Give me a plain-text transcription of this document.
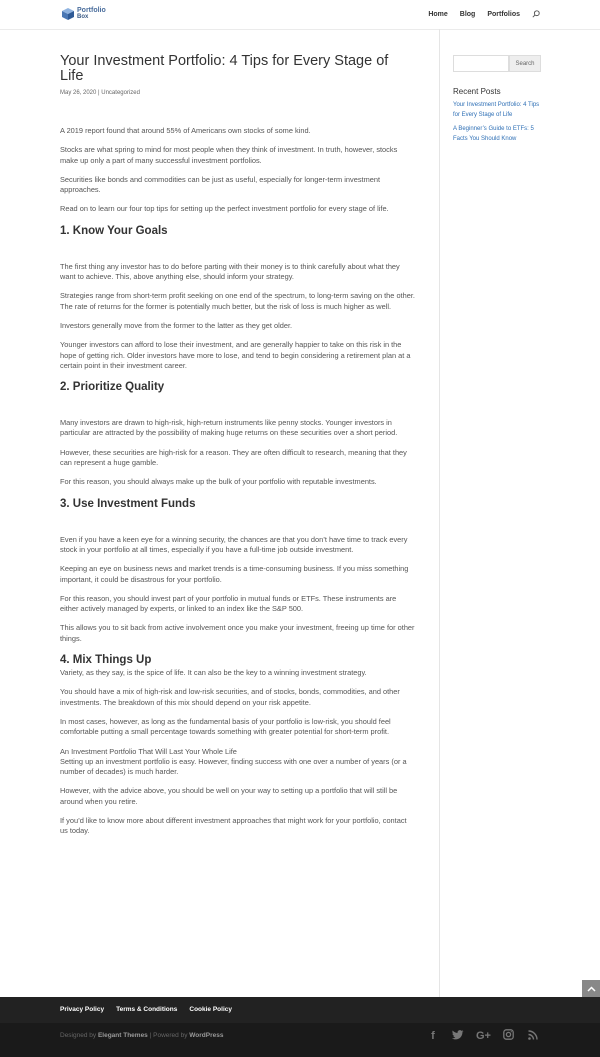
Portfolio
Box	Home Blog Portfolios
Your Investment Portfolio: 4 Tips for Every Stage of Life
May 26, 2020 | Uncategorized

A 2019 report found that around 55% of Americans own stocks of some kind.

Stocks are what spring to mind for most people when they think of investment. In truth, however, stocks make up only a part of many successful investment portfolios.

Securities like bonds and commodities can be just as useful, especially for longer-term investment approaches.

Read on to learn our four top tips for setting up the perfect investment portfolio for every stage of life.

1. Know Your Goals

The first thing any investor has to do before parting with their money is to think carefully about what they want to achieve. This, above anything else, should inform your strategy.

Strategies range from short-term profit seeking on one end of the spectrum, to long-term saving on the other. The rate of returns for the former is potentially much better, but the risk of loss is much higher as well.

Investors generally move from the former to the latter as they get older.

Younger investors can afford to lose their investment, and are generally happier to take on this risk in the hope of getting rich. Older investors have more to lose, and tend to begin considering a retirement plan at a certain point in their investment career.

2. Prioritize Quality

Many investors are drawn to high-risk, high-return instruments like penny stocks. Younger investors in particular are attracted by the possibility of making huge returns on these securities over a short period.

However, these securities are high-risk for a reason. They are often difficult to research, meaning that they can represent a huge gamble.

For this reason, you should always make up the bulk of your portfolio with reputable investments.

3. Use Investment Funds

Even if you have a keen eye for a winning security, the chances are that you don’t have time to track every stock in your portfolio at all times, especially if you have a full-time job outside investment.

Keeping an eye on business news and market trends is a time-consuming business. If you miss something important, it could be disastrous for your portfolio.

For this reason, you should invest part of your portfolio in mutual funds or ETFs. These instruments are either actively managed by experts, or linked to an index like the S&P 500.

This allows you to sit back from active involvement once you make your investment, freeing up time for other things.

4. Mix Things Up

Variety, as they say, is the spice of life. It can also be the key to a winning investment strategy.

You should have a mix of high-risk and low-risk securities, and of stocks, bonds, commodities, and other investments. The breakdown of this mix should depend on your risk appetite.

In most cases, however, as long as the fundamental basis of your portfolio is low-risk, you should feel comfortable putting a small percentage towards something with greater potential for short-term profit.

An Investment Portfolio That Will Last Your Whole Life
Setting up an investment portfolio is easy. However, finding success with one over a number of years (or a number of decades) is much harder.

However, with the advice above, you should be well on your way to setting up a portfolio that will still be around when you retire.

If you’d like to know more about different investment approaches that might work for your portfolio, contact us today.

Search
Recent Posts
Your Investment Portfolio: 4 Tips for Every Stage of Life
A Beginner’s Guide to ETFs: 5 Facts You Should Know
Privacy Policy Terms & Conditions Cookie Policy
Designed by Elegant Themes | Powered by WordPress	f	G+
